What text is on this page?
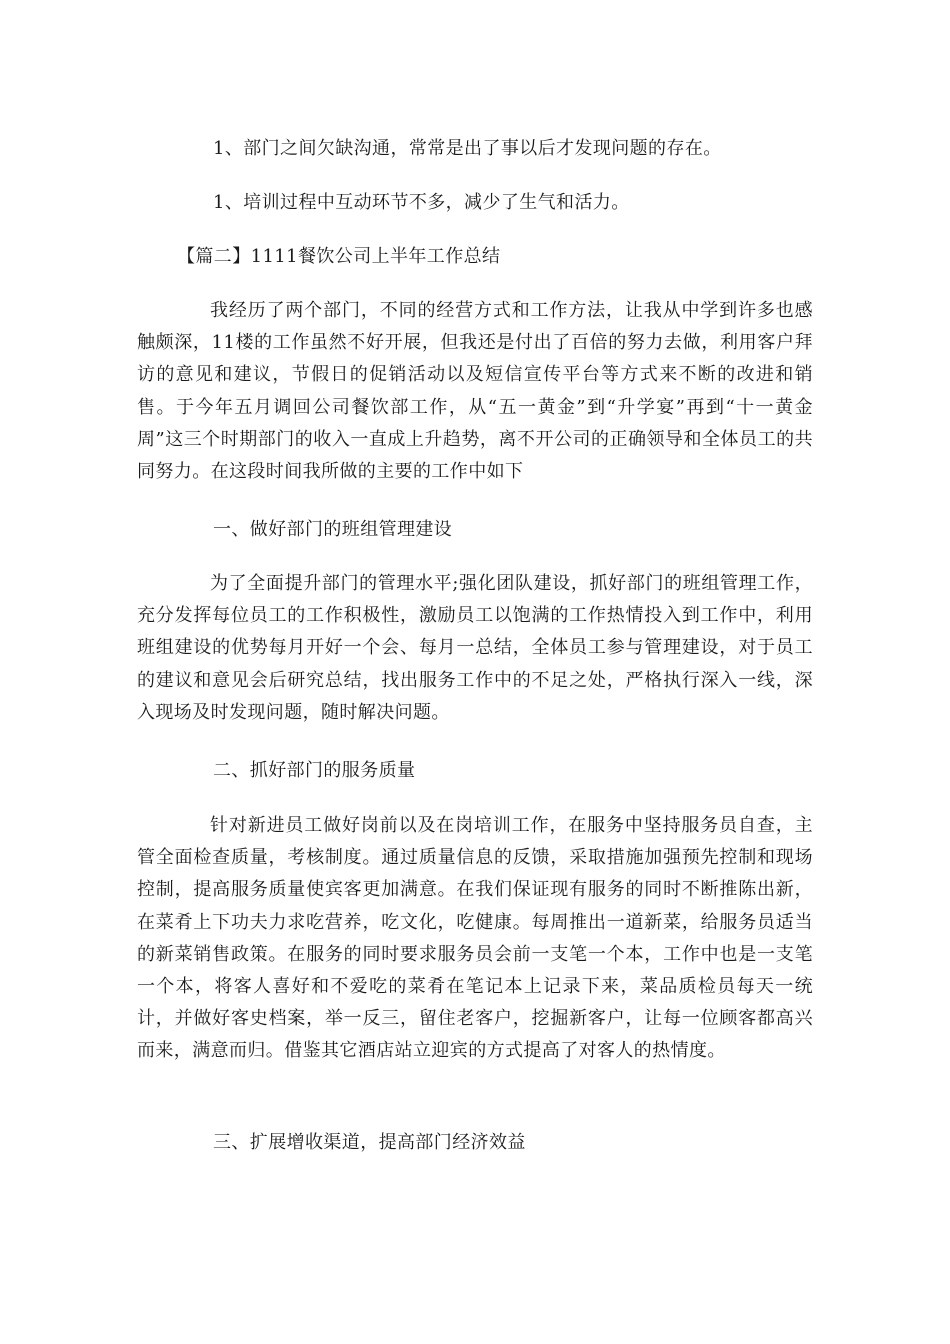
1、部门之间欠缺沟通，常常是出了事以后才发现问题的存在。
1、培训过程中互动环节不多，减少了生气和活力。
【篇二】1111餐饮公司上半年工作总结
我经历了两个部门，不同的经营方式和工作方法，让我从中学到许多也感触颇深，11楼的工作虽然不好开展，但我还是付出了百倍的努力去做，利用客户拜访的意见和建议，节假日的促销活动以及短信宣传平台等方式来不断的改进和销售。于今年五月调回公司餐饮部工作，从“五一黄金”到“升学宴”再到“十一黄金周”这三个时期部门的收入一直成上升趋势，离不开公司的正确领导和全体员工的共同努力。在这段时间我所做的主要的工作中如下
一、做好部门的班组管理建设
为了全面提升部门的管理水平;强化团队建设，抓好部门的班组管理工作，充分发挥每位员工的工作积极性，激励员工以饱满的工作热情投入到工作中，利用班组建设的优势每月开好一个会、每月一总结，全体员工参与管理建设，对于员工的建议和意见会后研究总结，找出服务工作中的不足之处，严格执行深入一线，深入现场及时发现问题，随时解决问题。
二、抓好部门的服务质量
针对新进员工做好岗前以及在岗培训工作，在服务中坚持服务员自查，主管全面检查质量，考核制度。通过质量信息的反馈，采取措施加强预先控制和现场控制，提高服务质量使宾客更加满意。在我们保证现有服务的同时不断推陈出新，在菜肴上下功夫力求吃营养，吃文化，吃健康。每周推出一道新菜，给服务员适当的新菜销售政策。在服务的同时要求服务员会前一支笔一个本，工作中也是一支笔一个本，将客人喜好和不爱吃的菜肴在笔记本上记录下来，菜品质检员每天一统计，并做好客史档案，举一反三，留住老客户，挖掘新客户，让每一位顾客都高兴而来，满意而归。借鉴其它酒店站立迎宾的方式提高了对客人的热情度。
三、扩展增收渠道，提高部门经济效益
